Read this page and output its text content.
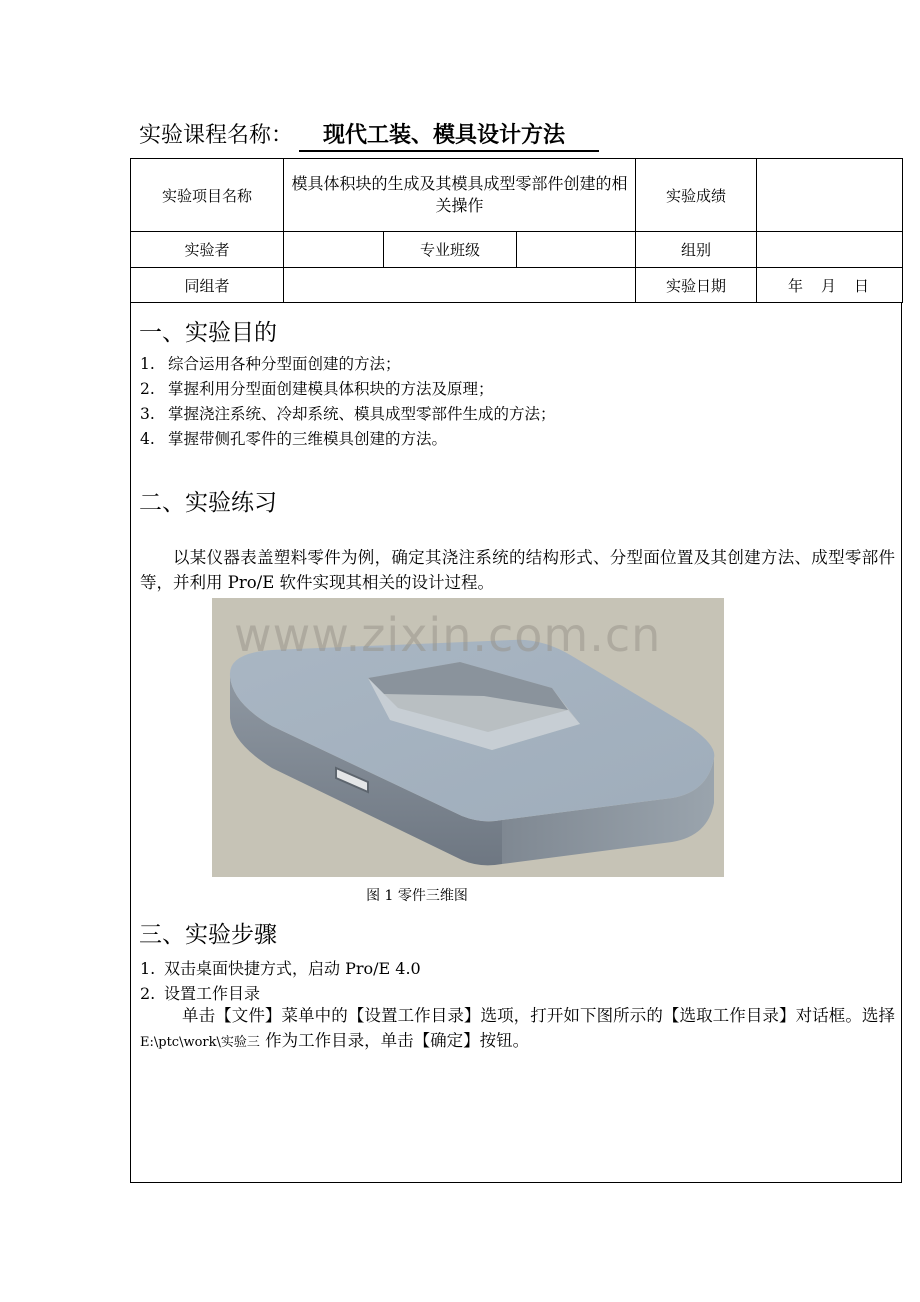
实验课程名称： 现代工装、模具设计方法
实验项目名称	模具体积块的生成及其模具成型零部件创建的相关操作			实验成绩	
实验者		专业班级		组别	
同组者				实验日期	年 月 日
一、实验目的
1. 综合运用各种分型面创建的方法；
2. 掌握利用分型面创建模具体积块的方法及原理；
3. 掌握浇注系统、冷却系统、模具成型零部件生成的方法；
4. 掌握带侧孔零件的三维模具创建的方法。
二、实验练习
以某仪器表盖塑料零件为例，确定其浇注系统的结构形式、分型面位置及其创建方法、成型零部件等，并利用 Pro/E 软件实现其相关的设计过程。
www.zixin.com.cn
图 1 零件三维图
三、实验步骤
1. 双击桌面快捷方式，启动 Pro/E 4.0
2. 设置工作目录
单击【文件】菜单中的【设置工作目录】选项，打开如下图所示的【选取工作目录】对话框。选择 E:\ptc\work\实验三 作为工作目录，单击【确定】按钮。
